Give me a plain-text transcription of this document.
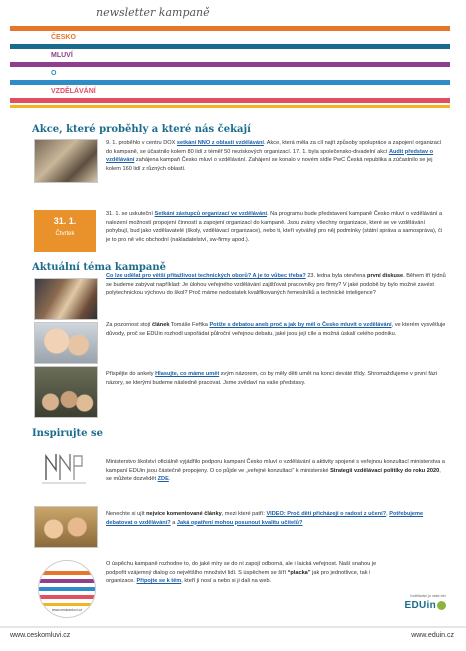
newsletter kampaně
ČESKO
MLUVÍ
O
VZDĚLÁVÁNÍ
Akce, které proběhly a které nás čekají
9. 1. proběhlo v centru DOX setkání NNO z oblasti vzdělávání. Akce, která měla za cíl najít způsoby spolupráce a zapojení organizací do kampaně, se účastnilo kolem 80 lidí z téměř 50 neziskových organizací. 17. 1. byla společensko-divadelní akcí Audit představ o vzdělávání zahájena kampaň Česko mluví o vzdělávání. Zahájení se konalo v novém sídle PwC Česká republika a zúčastnilo se jej kolem 160 lidí z různých oblastí.
31. 1.
Čtvrtek
31. 1. se uskuteční Setkání zástupců organizací ve vzdělávání. Na programu bude představení kampaně Česko mluví o vzdělávání a nalezení možností propojení činností a zapojení organizací do kampaně. Jsou zvány všechny organizace, které se ve vzdělávání pohybují, bud jako vzdělavatelé (školy, vzdělávací organizace), nebo ti, kteří vytvářejí pro něj podmínky (státní správa a samospráva), či je to pro ně věc obchodní (nakladatelství, sw-firmy apod.).
Aktuální téma kampaně
Co lze udělat pro větší přitažlivost technických oborů? A je to vůbec třeba? 23. ledna byla otevřena první diskuse. Během tří týdnů se budeme zabývat například: Je úlohou veřejného vzdělávání zajišťovat pracovníky pro firmy? V jaké podobě by bylo možné zavést polytechnickou výchovu do škol? Proč máme nedostatek kvalifikovaných řemeslníků a technické inteligence?
Za pozornost stojí článek Tomáše Feřtka Potíže s debatou aneb proč a jak by měl o Česko mluvit o vzdělávání, ve kterém vysvětluje důvody, proč se EDUin rozhodl uspořádat půlroční veřejnou debatu, jaké jsou její cíle a možná úskalí celého podniku.
Přispějte do ankety Hlasujte, co máme umět svým názorem, co by měly děti umět na konci deváté třídy. Shromažďujeme v první fázi názory, se kterými budeme následně pracovat. Jsme zvědaví na vaše představy.
Inspirujte se
Ministerstvo školství oficiálně vyjádřilo podporu kampani Česko mluví o vzdělávání a aktivity spojené s veřejnou konzultací ministerstva a kampaní EDUin jsou částečně propojeny. O co půjde ve „veřejné konzultaci“ k ministerské Strategii vzdělávací politiky do roku 2020, se můžete dozvědět ZDE.
Nenechte si ujít nejvíce komentované články, mezi které patří: VIDEO: Proč děti přicházejí o radost z učení?, Potřebujeme debatovat o vzdělávání? a Jaká opatření mohou posunout kvalitu učitelů?
www.ceskomluvi.cz
O úspěchu kampaně rozhodne to, do jaké míry se do ní zapojí odborná, ale i laická veřejnost. Naší snahou je podpořit vzájemný dialog co největšího množství lidí. S úspěchem se šíří “placka” jak pro jednotlivce, tak i organizace. Připojte se k těm, kteří ji nosí a nebo si ji dali na web.
Vzdělávání je naše věc
EDUin
www.ceskomluvi.cz	www.eduin.cz
